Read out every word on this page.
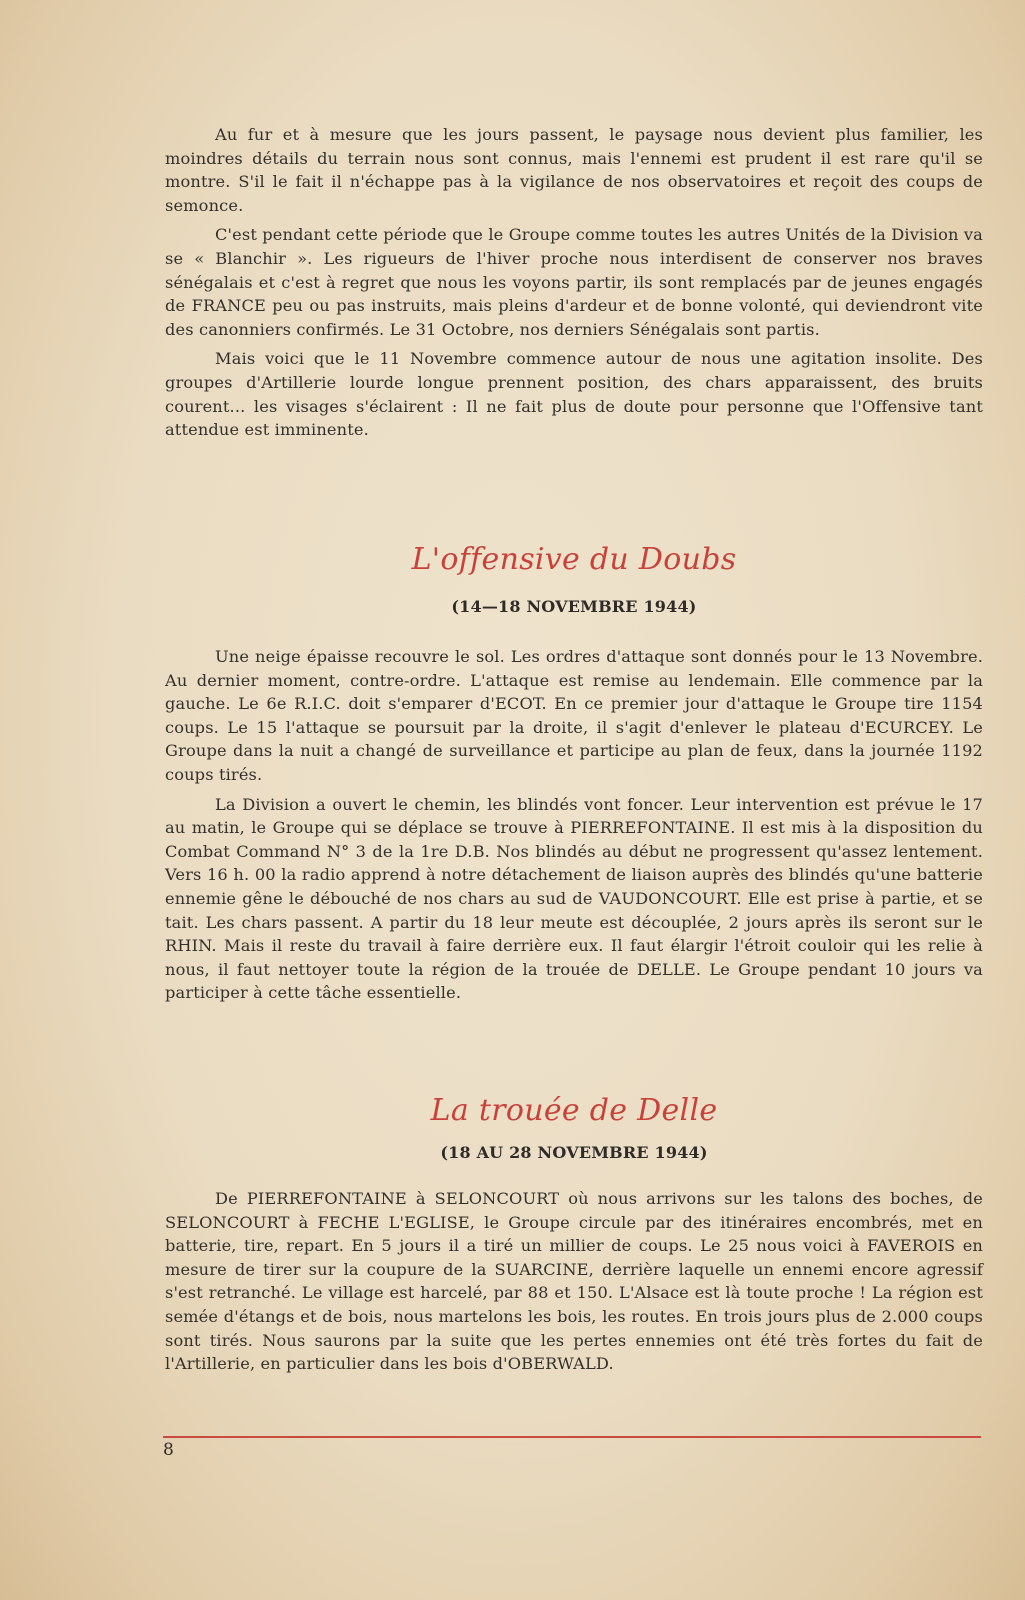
Au fur et à mesure que les jours passent, le paysage nous devient plus familier, les moindres détails du terrain nous sont connus, mais l'ennemi est prudent il est rare qu'il se montre. S'il le fait il n'échappe pas à la vigilance de nos observatoires et reçoit des coups de semonce.

C'est pendant cette période que le Groupe comme toutes les autres Unités de la Division va se « Blanchir ». Les rigueurs de l'hiver proche nous interdisent de conserver nos braves sénégalais et c'est à regret que nous les voyons partir, ils sont remplacés par de jeunes engagés de FRANCE peu ou pas instruits, mais pleins d'ardeur et de bonne volonté, qui deviendront vite des canonniers confirmés. Le 31 Octobre, nos derniers Sénégalais sont partis.

Mais voici que le 11 Novembre commence autour de nous une agitation insolite. Des groupes d'Artillerie lourde longue prennent position, des chars apparaissent, des bruits courent... les visages s'éclairent : Il ne fait plus de doute pour personne que l'Offensive tant attendue est imminente.

L'offensive du Doubs
(14—18 NOVEMBRE 1944)

Une neige épaisse recouvre le sol. Les ordres d'attaque sont donnés pour le 13 Novembre. Au dernier moment, contre-ordre. L'attaque est remise au lendemain. Elle commence par la gauche. Le 6e R.I.C. doit s'emparer d'ECOT. En ce premier jour d'attaque le Groupe tire 1154 coups. Le 15 l'attaque se poursuit par la droite, il s'agit d'enlever le plateau d'ECURCEY. Le Groupe dans la nuit a changé de surveillance et participe au plan de feux, dans la journée 1192 coups tirés.

La Division a ouvert le chemin, les blindés vont foncer. Leur intervention est prévue le 17 au matin, le Groupe qui se déplace se trouve à PIERREFONTAINE. Il est mis à la disposition du Combat Command N° 3 de la 1re D.B. Nos blindés au début ne progressent qu'assez lentement. Vers 16 h. 00 la radio apprend à notre détachement de liaison auprès des blindés qu'une batterie ennemie gêne le débouché de nos chars au sud de VAUDONCOURT. Elle est prise à partie, et se tait. Les chars passent. A partir du 18 leur meute est découplée, 2 jours après ils seront sur le RHIN. Mais il reste du travail à faire derrière eux. Il faut élargir l'étroit couloir qui les relie à nous, il faut nettoyer toute la région de la trouée de DELLE. Le Groupe pendant 10 jours va participer à cette tâche essentielle.

La trouée de Delle
(18 AU 28 NOVEMBRE 1944)

De PIERREFONTAINE à SELONCOURT où nous arrivons sur les talons des boches, de SELONCOURT à FECHE L'EGLISE, le Groupe circule par des itinéraires encombrés, met en batterie, tire, repart. En 5 jours il a tiré un millier de coups. Le 25 nous voici à FAVEROIS en mesure de tirer sur la coupure de la SUARCINE, derrière laquelle un ennemi encore agressif s'est retranché. Le village est harcelé, par 88 et 150. L'Alsace est là toute proche ! La région est semée d'étangs et de bois, nous martelons les bois, les routes. En trois jours plus de 2.000 coups sont tirés. Nous saurons par la suite que les pertes ennemies ont été très fortes du fait de l'Artillerie, en particulier dans les bois d'OBERWALD.

8
